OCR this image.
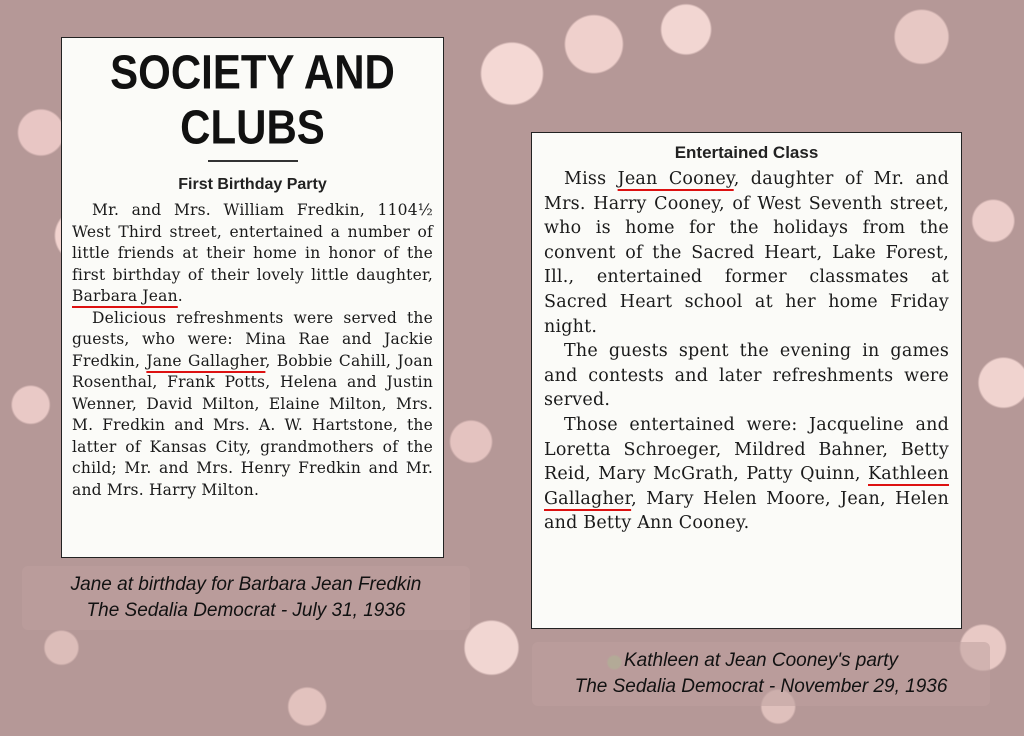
SOCIETY AND CLUBS
First Birthday Party

Mr. and Mrs. William Fredkin, 1104½ West Third street, entertained a number of little friends at their home in honor of the first birthday of their lovely little daughter, Barbara Jean.

Delicious refreshments were served the guests, who were: Mina Rae and Jackie Fredkin, Jane Gallagher, Bobbie Cahill, Joan Rosenthal, Frank Potts, Helena and Justin Wenner, David Milton, Elaine Milton, Mrs. M. Fredkin and Mrs. A. W. Hartstone, the latter of Kansas City, grandmothers of the child; Mr. and Mrs. Henry Fredkin and Mr. and Mrs. Harry Milton.

Entertained Class

Miss Jean Cooney, daughter of Mr. and Mrs. Harry Cooney, of West Seventh street, who is home for the holidays from the convent of the Sacred Heart, Lake Forest, Ill., entertained former classmates at Sacred Heart school at her home Friday night.

The guests spent the evening in games and contests and later refreshments were served.

Those entertained were: Jacqueline and Loretta Schroeger, Mildred Bahner, Betty Reid, Mary McGrath, Patty Quinn, Kathleen Gallagher, Mary Helen Moore, Jean, Helen and Betty Ann Cooney.

Jane at birthday for Barbara Jean Fredkin
The Sedalia Democrat - July 31, 1936
Kathleen at Jean Cooney's party
The Sedalia Democrat - November 29, 1936
